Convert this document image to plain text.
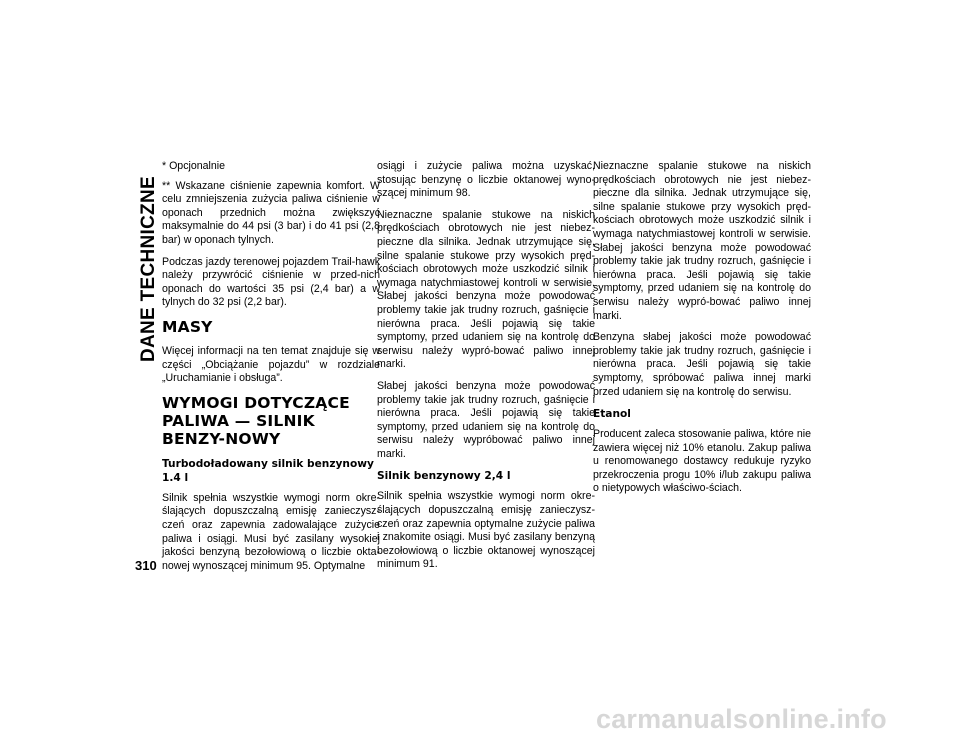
DANE TECHNICZNE
310

* Opcjonalnie

** Wskazane ciśnienie zapewnia komfort. W celu zmniejszenia zużycia paliwa ciśnienie w oponach przednich można zwiększyć maksymalnie do 44 psi (3 bar) i do 41 psi (2,8 bar) w oponach tylnych.

Podczas jazdy terenowej pojazdem Trail-hawk należy przywrócić ciśnienie w przed-nich oponach do wartości 35 psi (2,4 bar) a w tylnych do 32 psi (2,2 bar).

MASY

Więcej informacji na ten temat znajduje się w części „Obciążanie pojazdu” w rozdziale „Uruchamianie i obsługa”.

WYMOGI DOTYCZĄCE PALIWA — SILNIK BENZY-NOWY
Turbodoładowany silnik benzynowy 1.4 l

Silnik spełnia wszystkie wymogi norm okre-ślających dopuszczalną emisję zanieczysz-czeń oraz zapewnia zadowalające zużycie paliwa i osiągi. Musi być zasilany wysokiej jakości benzyną bezołowiową o liczbie okta-nowej wynoszącej minimum 95. Optymalne

osiągi i zużycie paliwa można uzyskać, stosując benzynę o liczbie oktanowej wyno-szącej minimum 98.

Nieznaczne spalanie stukowe na niskich prędkościach obrotowych nie jest niebez-pieczne dla silnika. Jednak utrzymujące się, silne spalanie stukowe przy wysokich pręd-kościach obrotowych może uszkodzić silnik i wymaga natychmiastowej kontroli w serwisie. Słabej jakości benzyna może powodować problemy takie jak trudny rozruch, gaśnięcie i nierówna praca. Jeśli pojawią się takie symptomy, przed udaniem się na kontrolę do serwisu należy wypró-bować paliwo innej marki.

Słabej jakości benzyna może powodować problemy takie jak trudny rozruch, gaśnięcie i nierówna praca. Jeśli pojawią się takie symptomy, przed udaniem się na kontrolę do serwisu należy wypróbować paliwo innej marki.

Silnik benzynowy 2,4 l

Silnik spełnia wszystkie wymogi norm okre-ślających dopuszczalną emisję zanieczysz-czeń oraz zapewnia optymalne zużycie paliwa i znakomite osiągi. Musi być zasilany benzyną bezołowiową o liczbie oktanowej wynoszącej minimum 91.

Nieznaczne spalanie stukowe na niskich prędkościach obrotowych nie jest niebez-pieczne dla silnika. Jednak utrzymujące się, silne spalanie stukowe przy wysokich pręd-kościach obrotowych może uszkodzić silnik i wymaga natychmiastowej kontroli w serwisie. Słabej jakości benzyna może powodować problemy takie jak trudny rozruch, gaśnięcie i nierówna praca. Jeśli pojawią się takie symptomy, przed udaniem się na kontrolę do serwisu należy wypró-bować paliwo innej marki.

Benzyna słabej jakości może powodować problemy takie jak trudny rozruch, gaśnięcie i nierówna praca. Jeśli pojawią się takie symptomy, spróbować paliwa innej marki przed udaniem się na kontrolę do serwisu.

Etanol

Producent zaleca stosowanie paliwa, które nie zawiera więcej niż 10% etanolu. Zakup paliwa u renomowanego dostawcy redukuje ryzyko przekroczenia progu 10% i/lub zakupu paliwa o nietypowych właściwo-ściach.

carmanualsonline.info
